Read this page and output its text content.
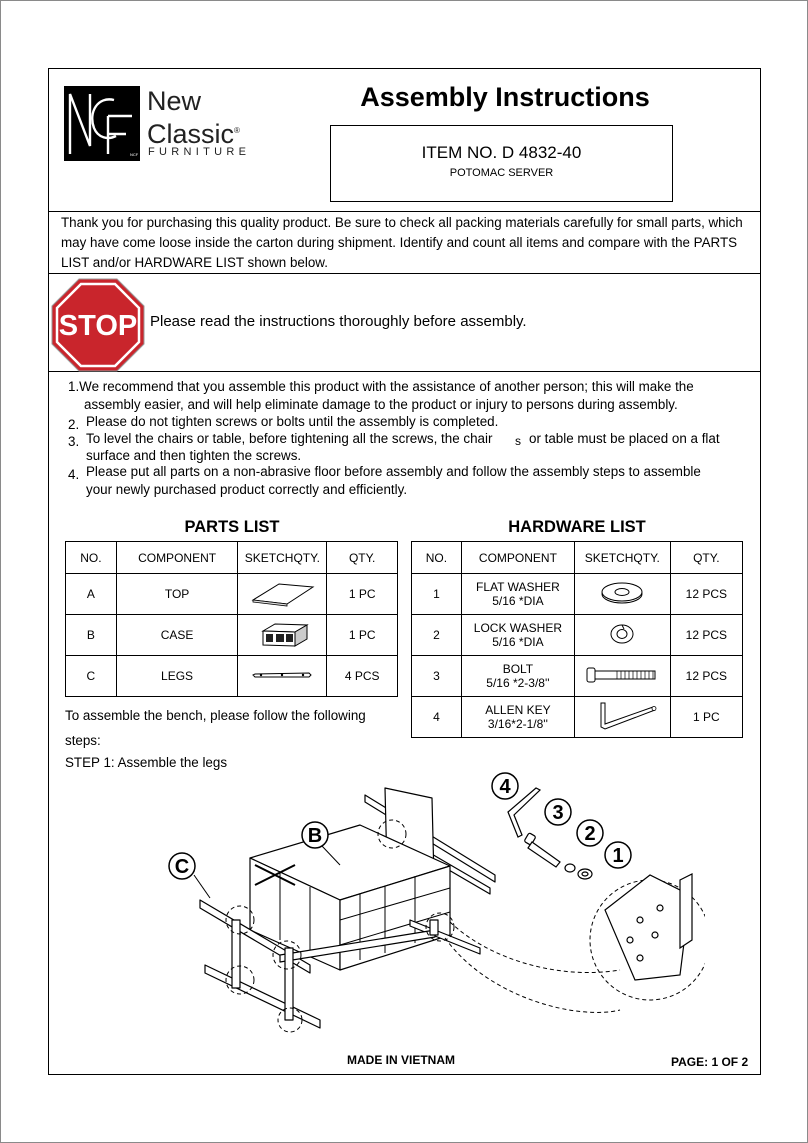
NCF
New
Classic®
FURNITURE
Assembly Instructions
ITEM NO. D 4832-40
POTOMAC SERVER
Thank you for purchasing this quality product. Be sure to check all packing materials carefully for small parts, which may have come loose inside the carton during shipment. Identify and count all items and compare with the PARTS LIST and/or HARDWARE LIST shown below.
STOP Please read the instructions thoroughly before assembly.
1.We recommend that you assemble this product with the assistance of another person; this will make the
assembly easier, and will help eliminate damage to the product or injury to persons during assembly.
2. Please do not tighten screws or bolts until the assembly is completed.
3. To level the chairs or table, before tightening all the screws, the chair s or table must be placed on a flat
surface and then tighten the screws.
4. Please put all parts on a non-abrasive floor before assembly and follow the assembly steps to assemble
your newly purchased product correctly and efficiently.
PARTS LIST
NO.	COMPONENT	SKETCHQTY.	QTY.
A	TOP		1 PC
B	CASE		1 PC
C	LEGS		4 PCS
HARDWARE LIST
NO.	COMPONENT	SKETCHQTY.	QTY.
1	FLAT WASHER
5/16 *DIA		12 PCS
2	LOCK WASHER
5/16 *DIA		12 PCS
3	BOLT
5/16 *2-3/8''		12 PCS
4	ALLEN KEY
3/16*2-1/8''		1 PC
To assemble the bench, please follow the following
steps:
STEP 1: Assemble the legs
B
C
4
3
2
1
MADE IN VIETNAM	PAGE: 1 OF 2
